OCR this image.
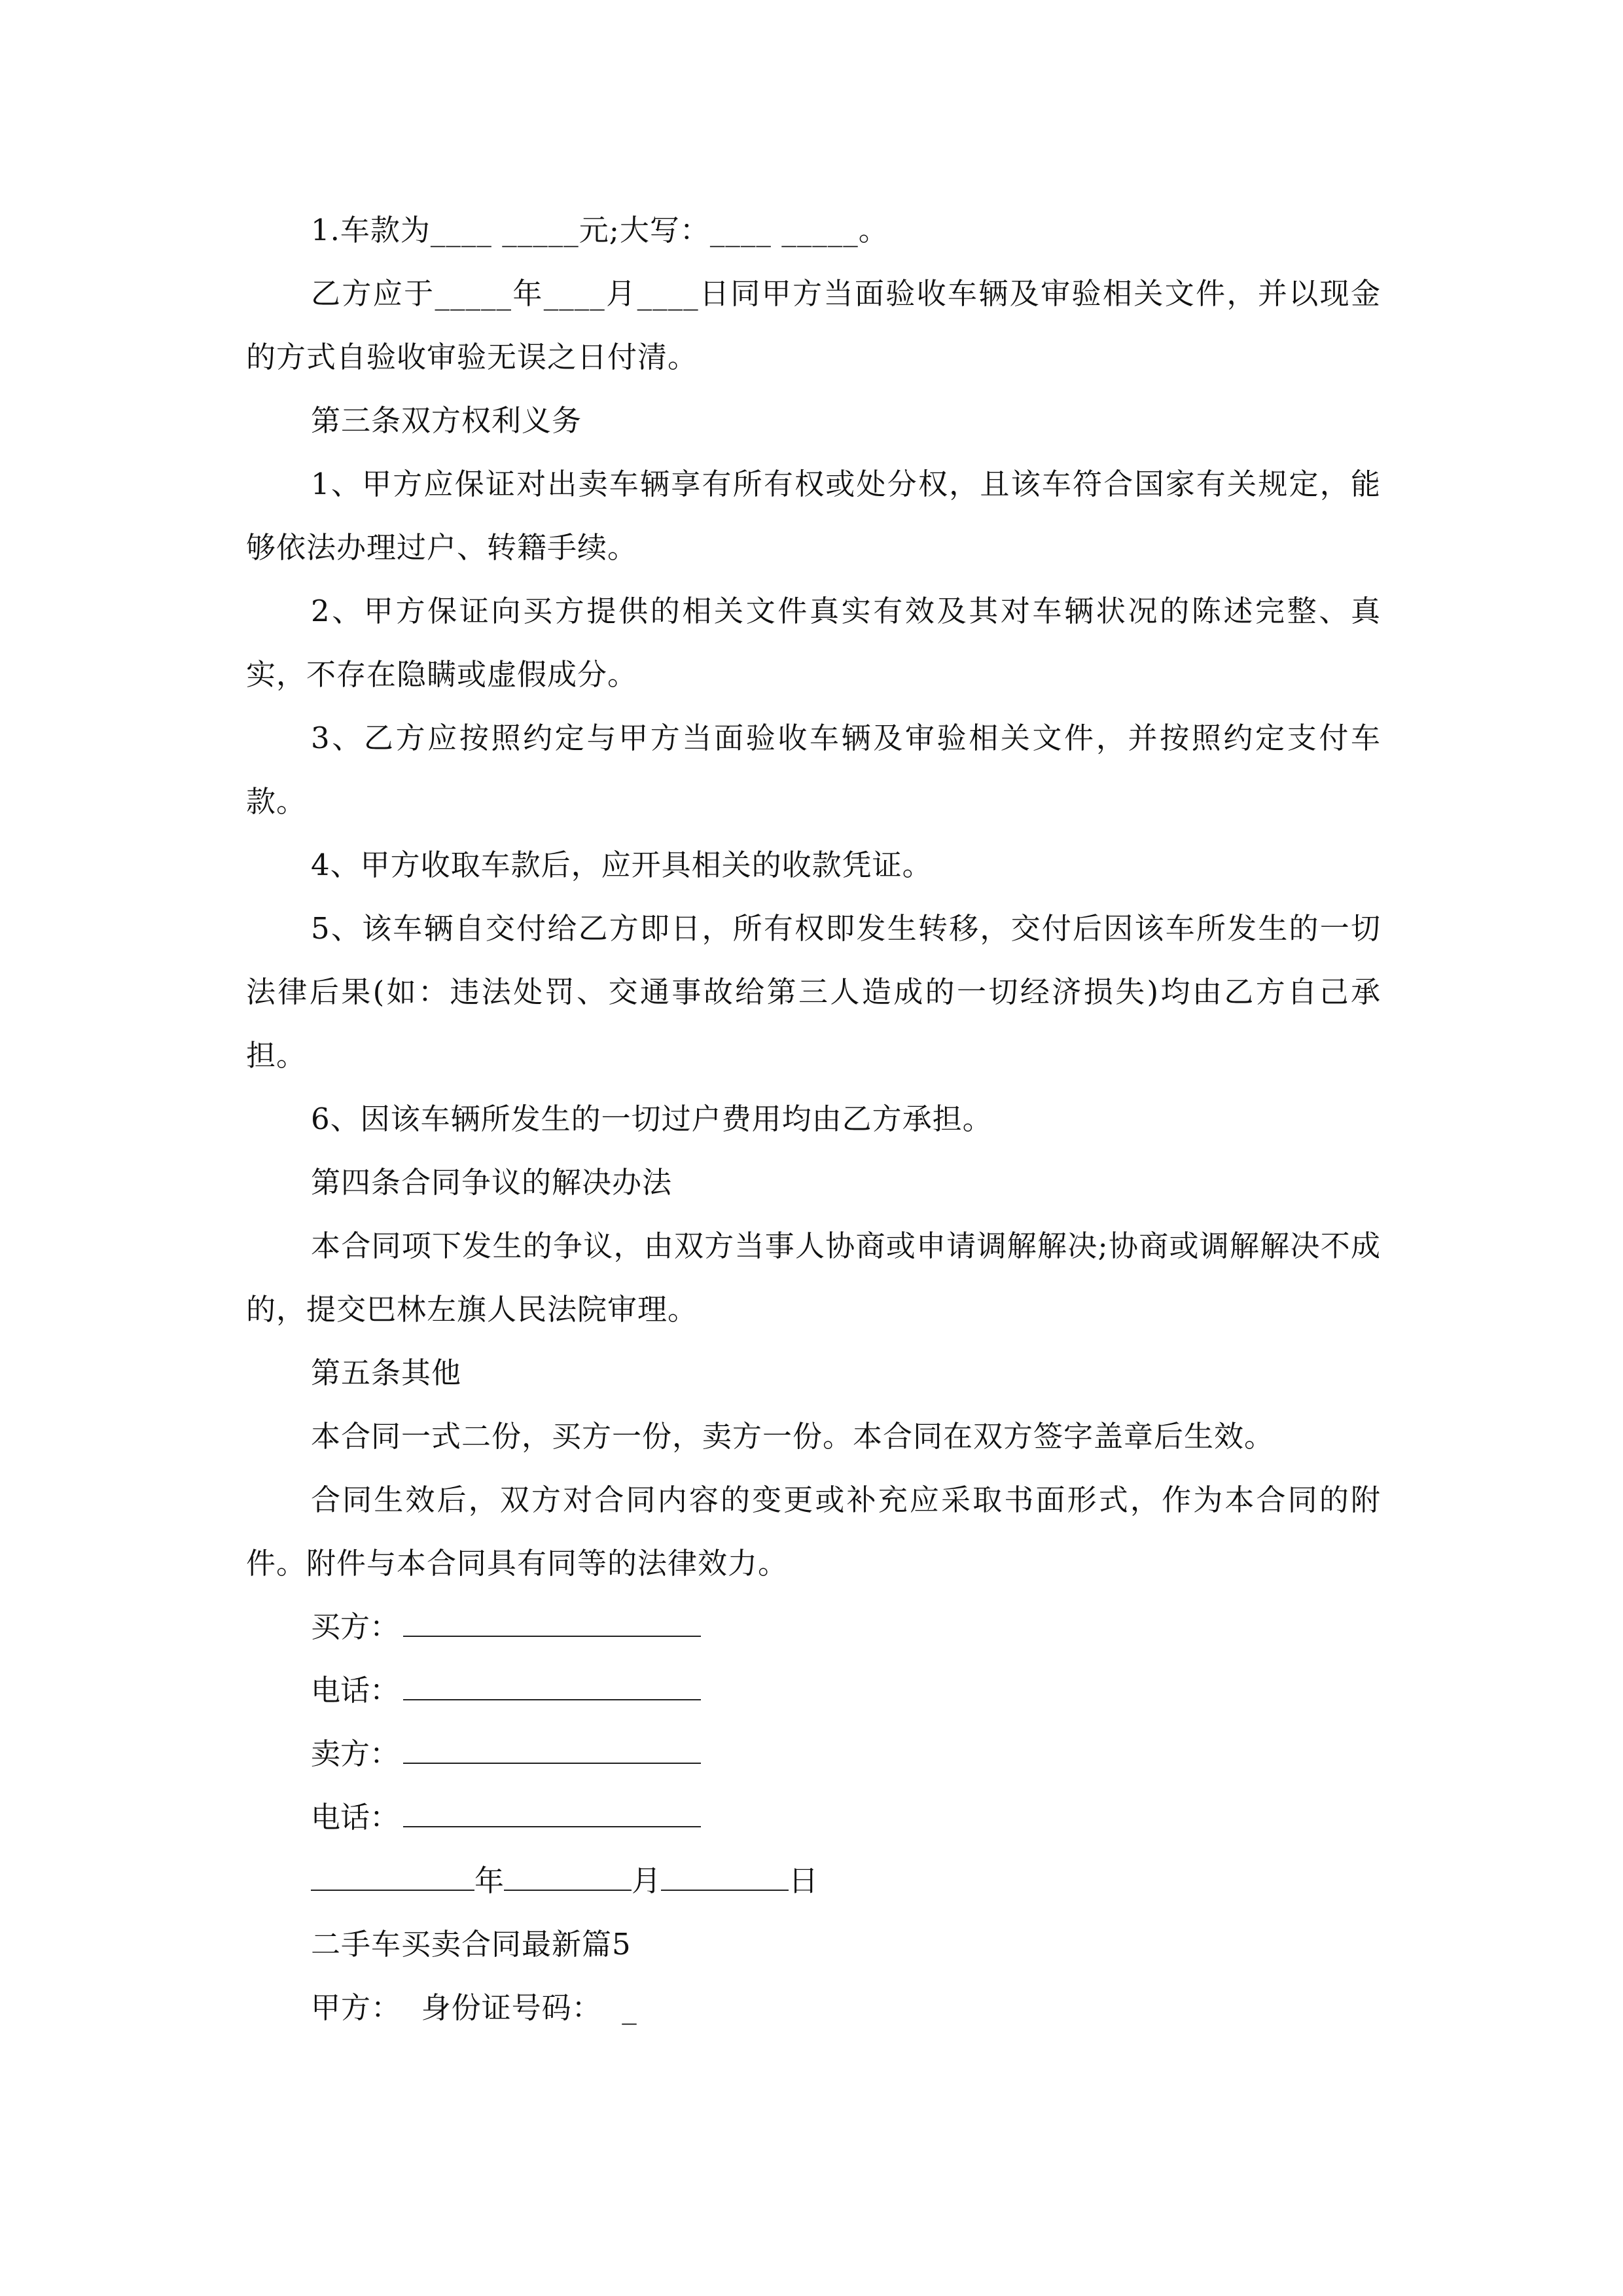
1.车款为____ _____元;大写：____ _____。

乙方应于_____年____月____日同甲方当面验收车辆及审验相关文件，并以现金的方式自验收审验无误之日付清。

第三条双方权利义务

1、甲方应保证对出卖车辆享有所有权或处分权，且该车符合国家有关规定，能够依法办理过户、转籍手续。

2、甲方保证向买方提供的相关文件真实有效及其对车辆状况的陈述完整、真实，不存在隐瞒或虚假成分。

3、乙方应按照约定与甲方当面验收车辆及审验相关文件，并按照约定支付车款。

4、甲方收取车款后，应开具相关的收款凭证。

5、该车辆自交付给乙方即日，所有权即发生转移，交付后因该车所发生的一切法律后果(如：违法处罚、交通事故给第三人造成的一切经济损失)均由乙方自己承担。

6、因该车辆所发生的一切过户费用均由乙方承担。

第四条合同争议的解决办法

本合同项下发生的争议，由双方当事人协商或申请调解解决;协商或调解解决不成的，提交巴林左旗人民法院审理。

第五条其他

本合同一式二份，买方一份，卖方一份。本合同在双方签字盖章后生效。

合同生效后，双方对合同内容的变更或补充应采取书面形式，作为本合同的附件。附件与本合同具有同等的法律效力。

买方：
电话：
卖方：
电话：
年	月	日

二手车买卖合同最新篇5

甲方：  身份证号码：  _
